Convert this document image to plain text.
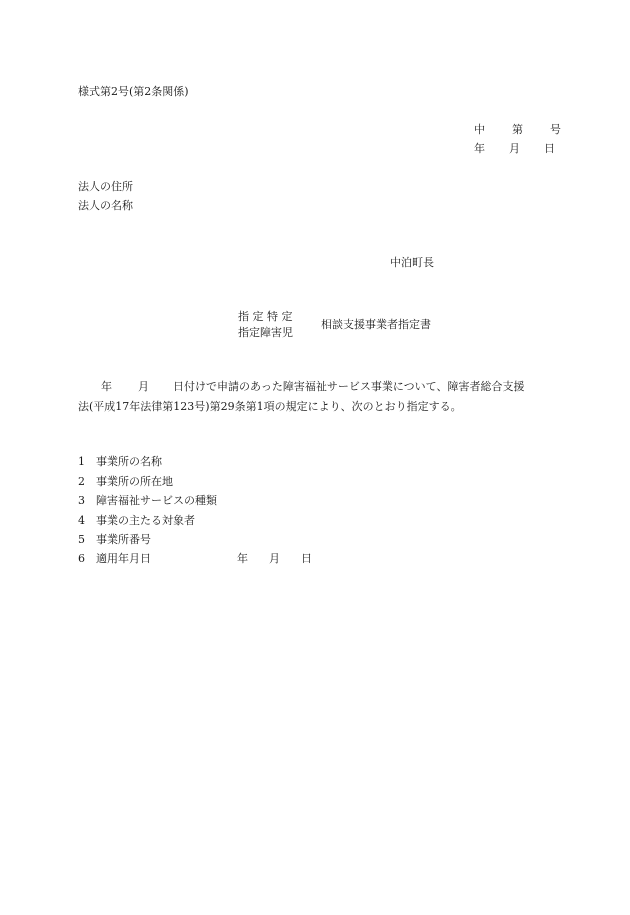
様式第2号(第2条関係)
中 第 号
年 月 日
法人の住所
法人の名称
中泊町長
指 定 特 定
指定障害児
相談支援事業者指定書
年 月 日付けで申請のあった障害福祉サービス事業について、障害者総合支援
法(平成17年法律第123号)第29条第1項の規定により、次のとおり指定する。
1 事業所の名称
2 事業所の所在地
3 障害福祉サービスの種類
4 事業の主たる対象者
5 事業所番号
6 適用年月日	年 月 日
